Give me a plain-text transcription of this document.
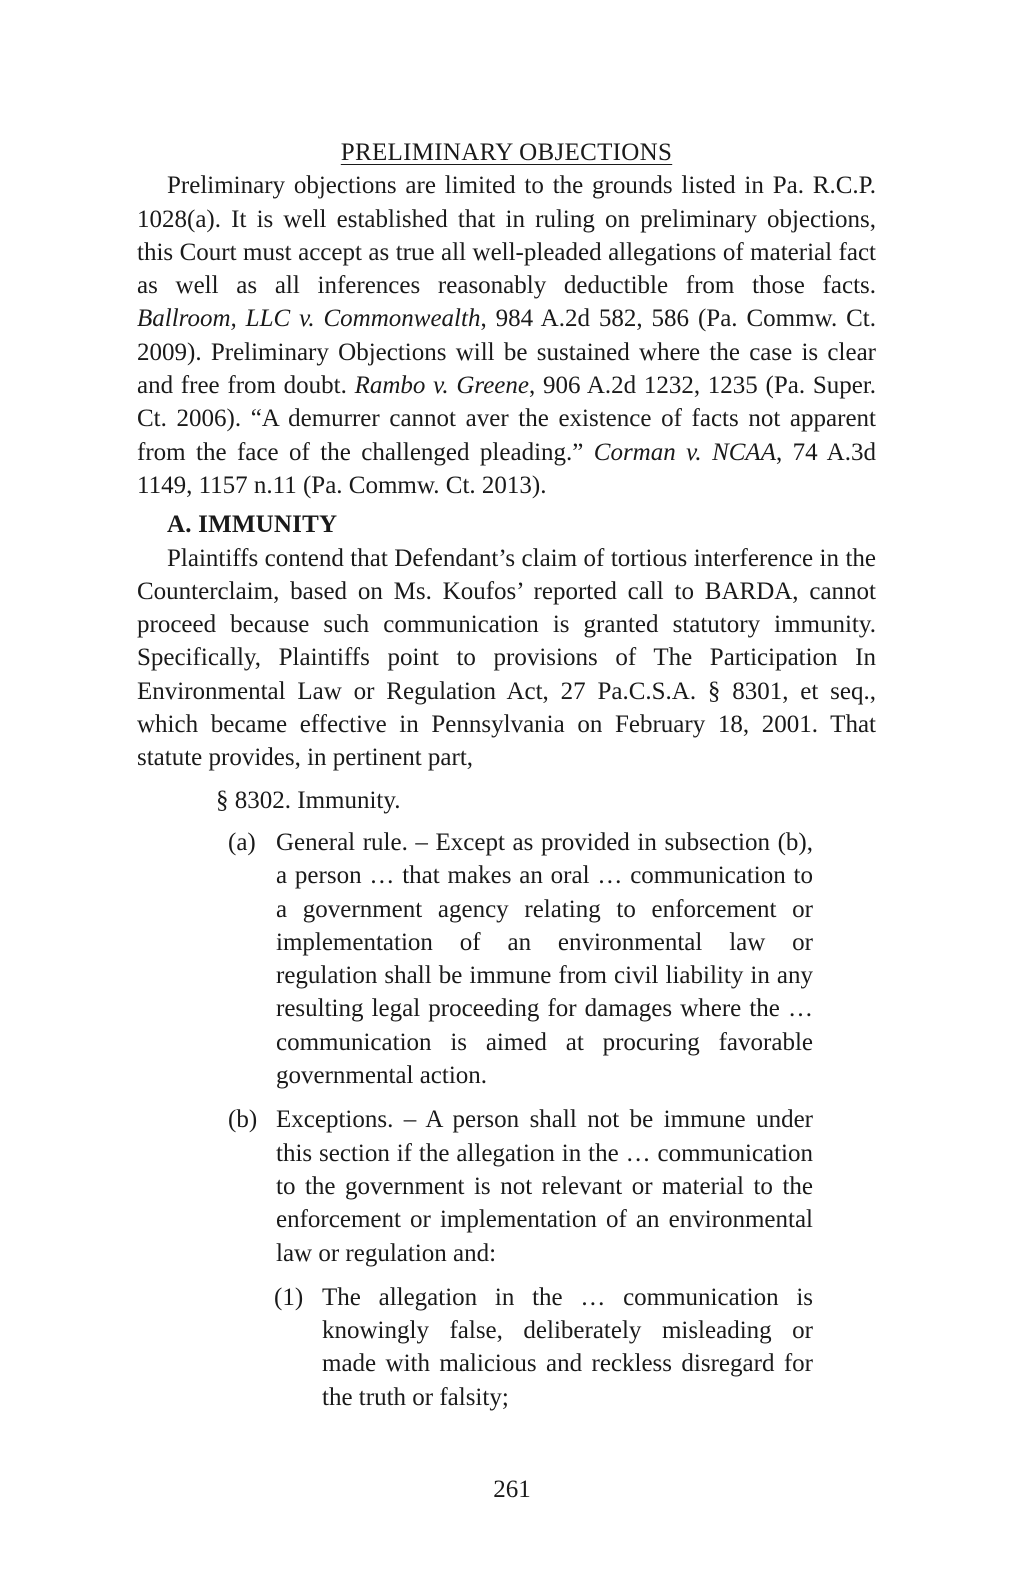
PRELIMINARY OBJECTIONS

Preliminary objections are limited to the grounds listed in Pa. R.C.P. 1028(a). It is well established that in ruling on preliminary objections, this Court must accept as true all well-pleaded allegations of material fact as well as all inferences reasonably deductible from those facts. Ballroom, LLC v. Commonwealth, 984 A.2d 582, 586 (Pa. Commw. Ct. 2009). Preliminary Objections will be sustained where the case is clear and free from doubt. Rambo v. Greene, 906 A.2d 1232, 1235 (Pa. Super. Ct. 2006). “A demurrer cannot aver the existence of facts not apparent from the face of the challenged pleading.” Corman v. NCAA, 74 A.3d 1149, 1157 n.11 (Pa. Commw. Ct. 2013).

A. IMMUNITY

Plaintiffs contend that Defendant’s claim of tortious interference in the Counterclaim, based on Ms. Koufos’ reported call to BARDA, cannot proceed because such communication is granted statutory immunity. Specifically, Plaintiffs point to provisions of The Participation In Environmental Law or Regulation Act, 27 Pa.C.S.A. § 8301, et seq., which became effective in Pennsylvania on February 18, 2001. That statute provides, in pertinent part,

§ 8302. Immunity.
(a) General rule. – Except as provided in subsection (b), a person … that makes an oral … communication to a government agency relating to enforcement or implementation of an environmental law or regulation shall be immune from civil liability in any resulting legal proceeding for damages where the … communication is aimed at procuring favorable governmental action.
(b) Exceptions. – A person shall not be immune under this section if the allegation in the … communication to the government is not relevant or material to the enforcement or implementation of an environmental law or regulation and:
(1) The allegation in the … communication is knowingly false, deliberately misleading or made with malicious and reckless disregard for the truth or falsity;
261
